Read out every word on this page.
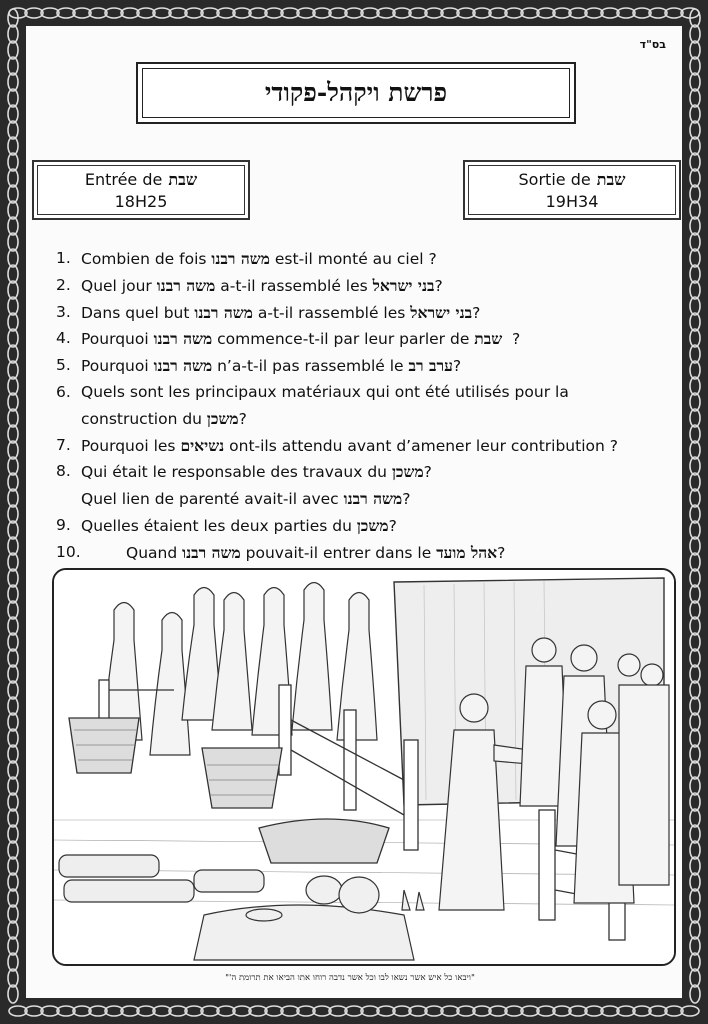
בס"ד
פרשת ויקהל-פקודי
Entrée de שבת
18H25
Sortie de שבת
19H34
1. Combien de fois משה רבנו est-il monté au ciel ?
2. Quel jour משה רבנו a-t-il rassemblé les בני ישראל?
3. Dans quel but משה רבנו a-t-il rassemblé les בני ישראל?
4. Pourquoi משה רבנו commence-t-il par leur parler de שבת  ?
5. Pourquoi משה רבנו n’a-t-il pas rassemblé le ערב רב?
6. Quels sont les principaux matériaux qui ont été utilisés pour la
construction du משכן?
7. Pourquoi les נשיאים ont-ils attendu avant d’amener leur contribution ?
8. Qui était le responsable des travaux du משכן?
Quel lien de parenté avait-il avec משה רבנו?
9. Quelles étaient les deux parties du משכן?
10.	Quand משה רבנו pouvait-il entrer dans le אהל מועד?
"ויבאו כל איש אשר נשאו לבו וכל אשר נדבה רוחו אתו הביאו את תרומת ה'"
